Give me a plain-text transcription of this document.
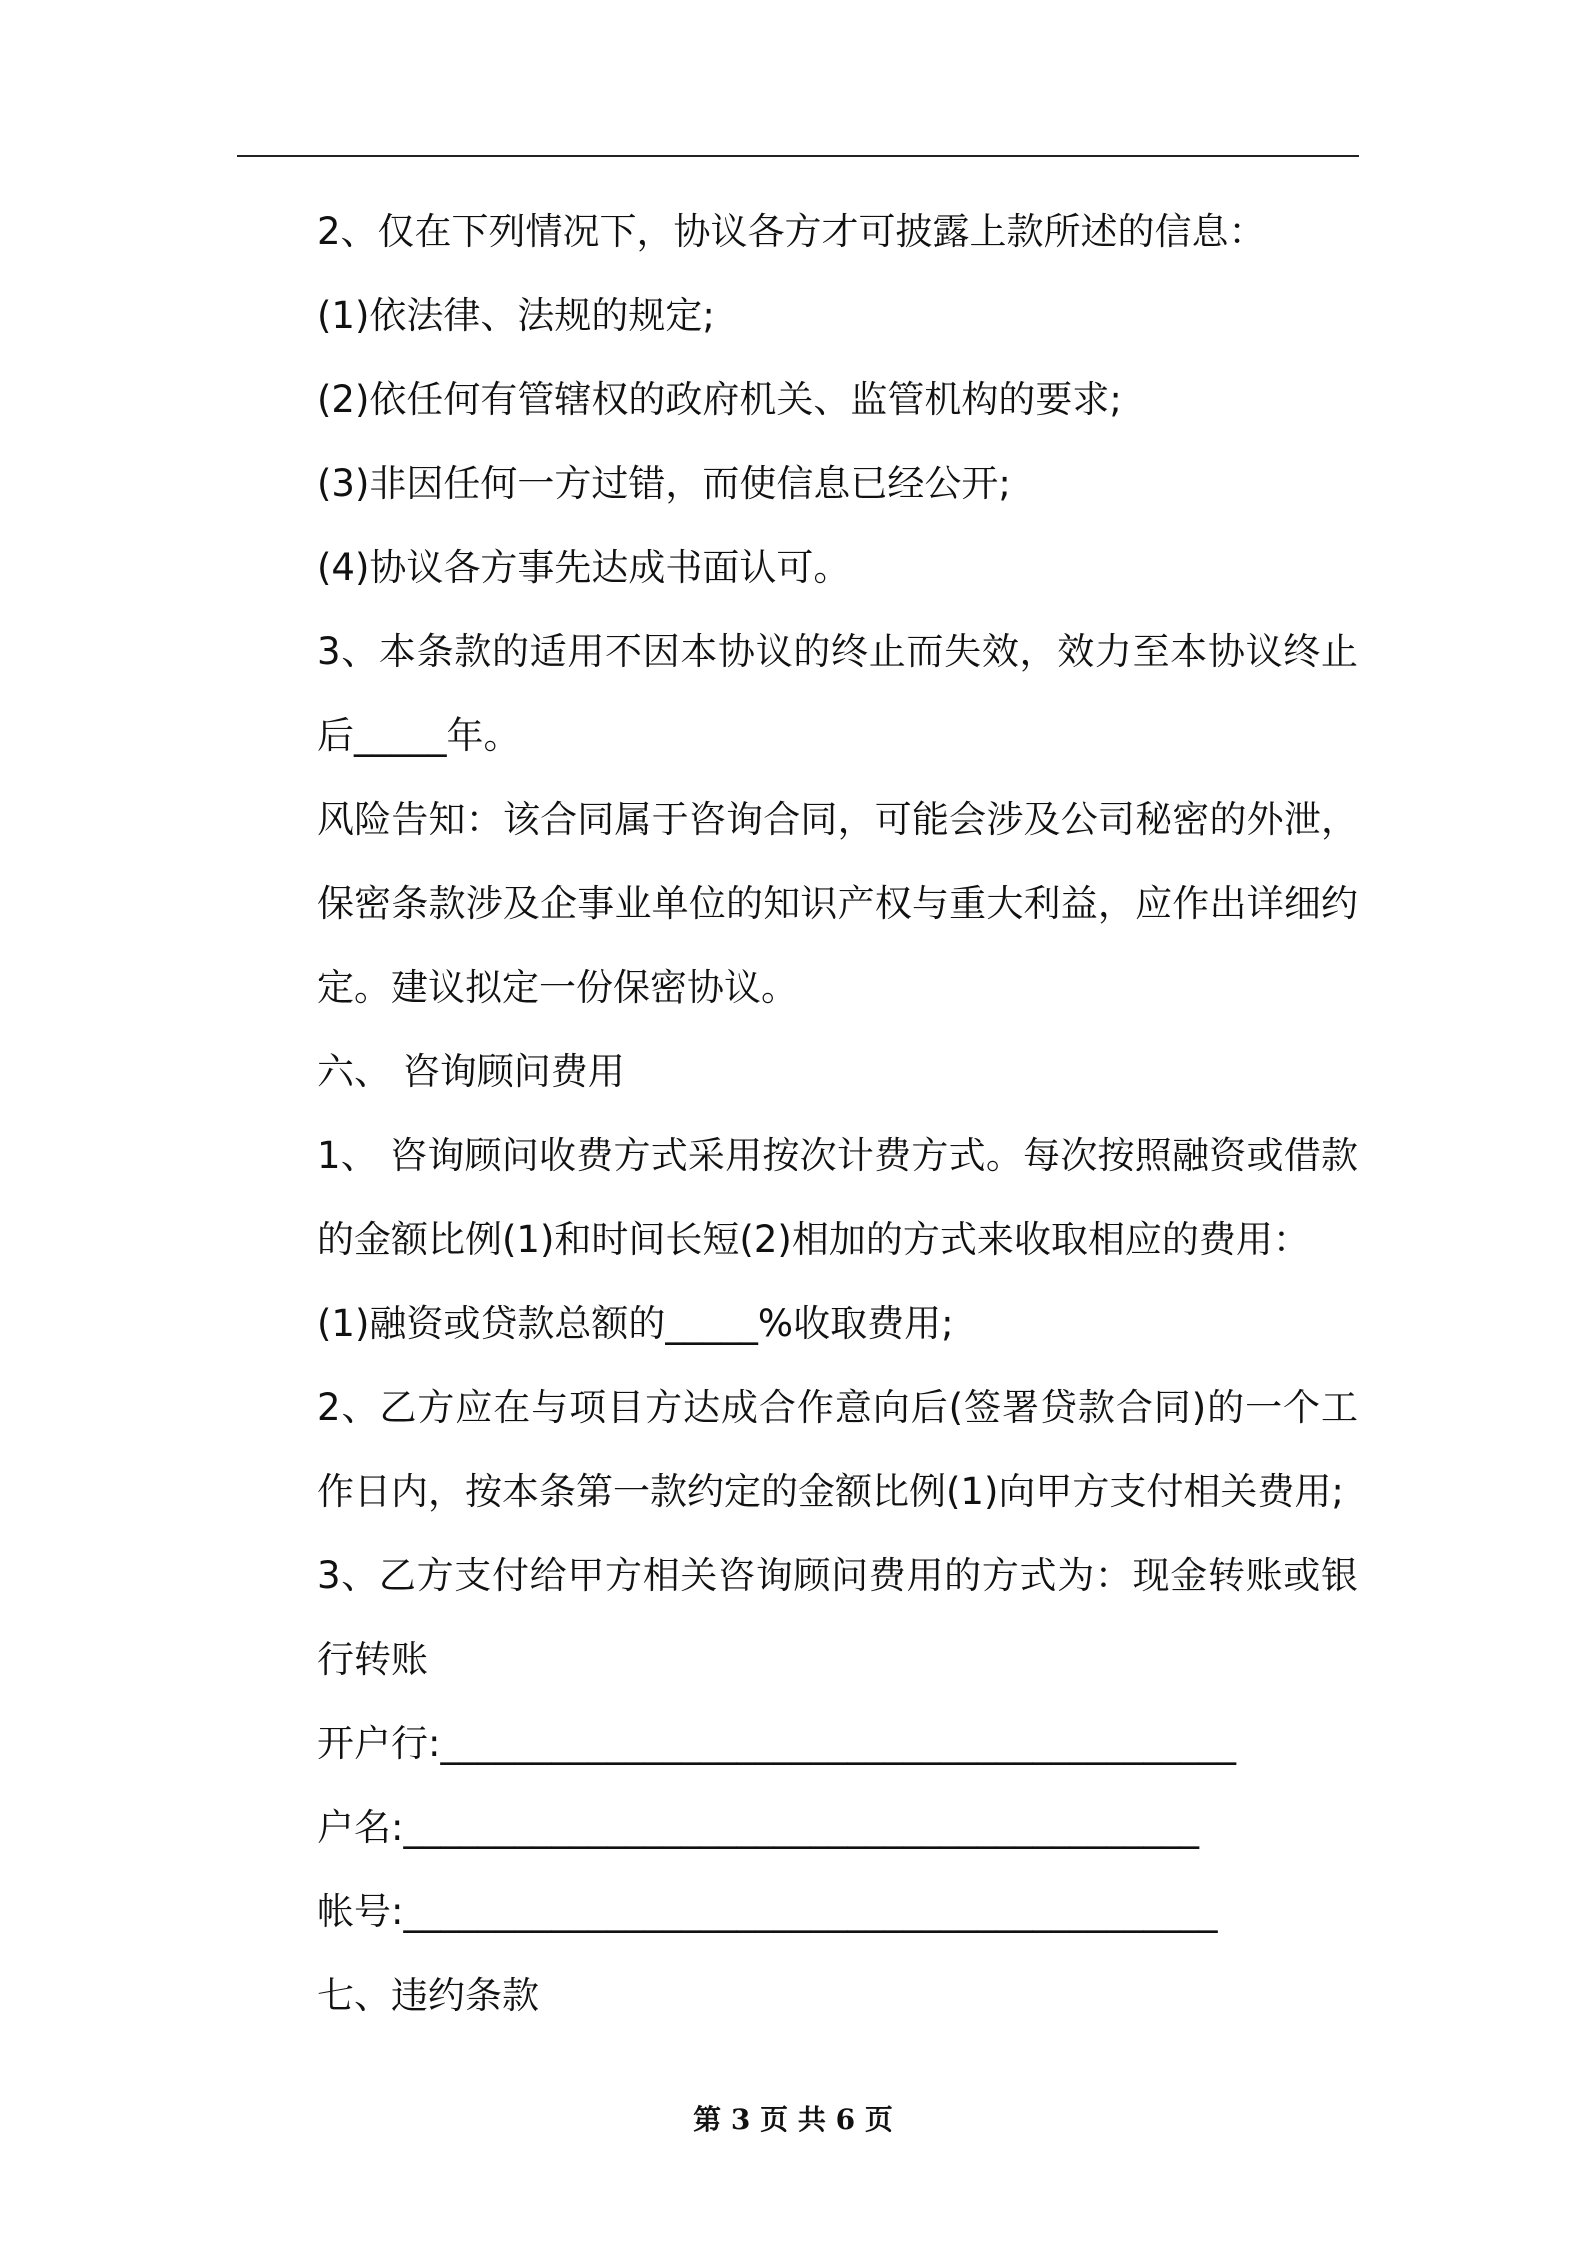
2、仅在下列情况下，协议各方才可披露上款所述的信息：

(1)依法律、法规的规定;

(2)依任何有管辖权的政府机关、监管机构的要求;

(3)非因任何一方过错，而使信息已经公开;

(4)协议各方事先达成书面认可。

3、本条款的适用不因本协议的终止而失效，效力至本协议终止后_____年。

风险告知：该合同属于咨询合同，可能会涉及公司秘密的外泄，保密条款涉及企事业单位的知识产权与重大利益，应作出详细约定。建议拟定一份保密协议。

六、 咨询顾问费用

1、 咨询顾问收费方式采用按次计费方式。每次按照融资或借款的金额比例(1)和时间长短(2)相加的方式来收取相应的费用：

(1)融资或贷款总额的_____%收取费用;

2、乙方应在与项目方达成合作意向后(签署贷款合同)的一个工作日内，按本条第一款约定的金额比例(1)向甲方支付相关费用;

3、乙方支付给甲方相关咨询顾问费用的方式为：现金转账或银行转账

开户行:___________________________________________

户名:___________________________________________

帐号:____________________________________________

七、违约条款

第 3 页 共 6 页
